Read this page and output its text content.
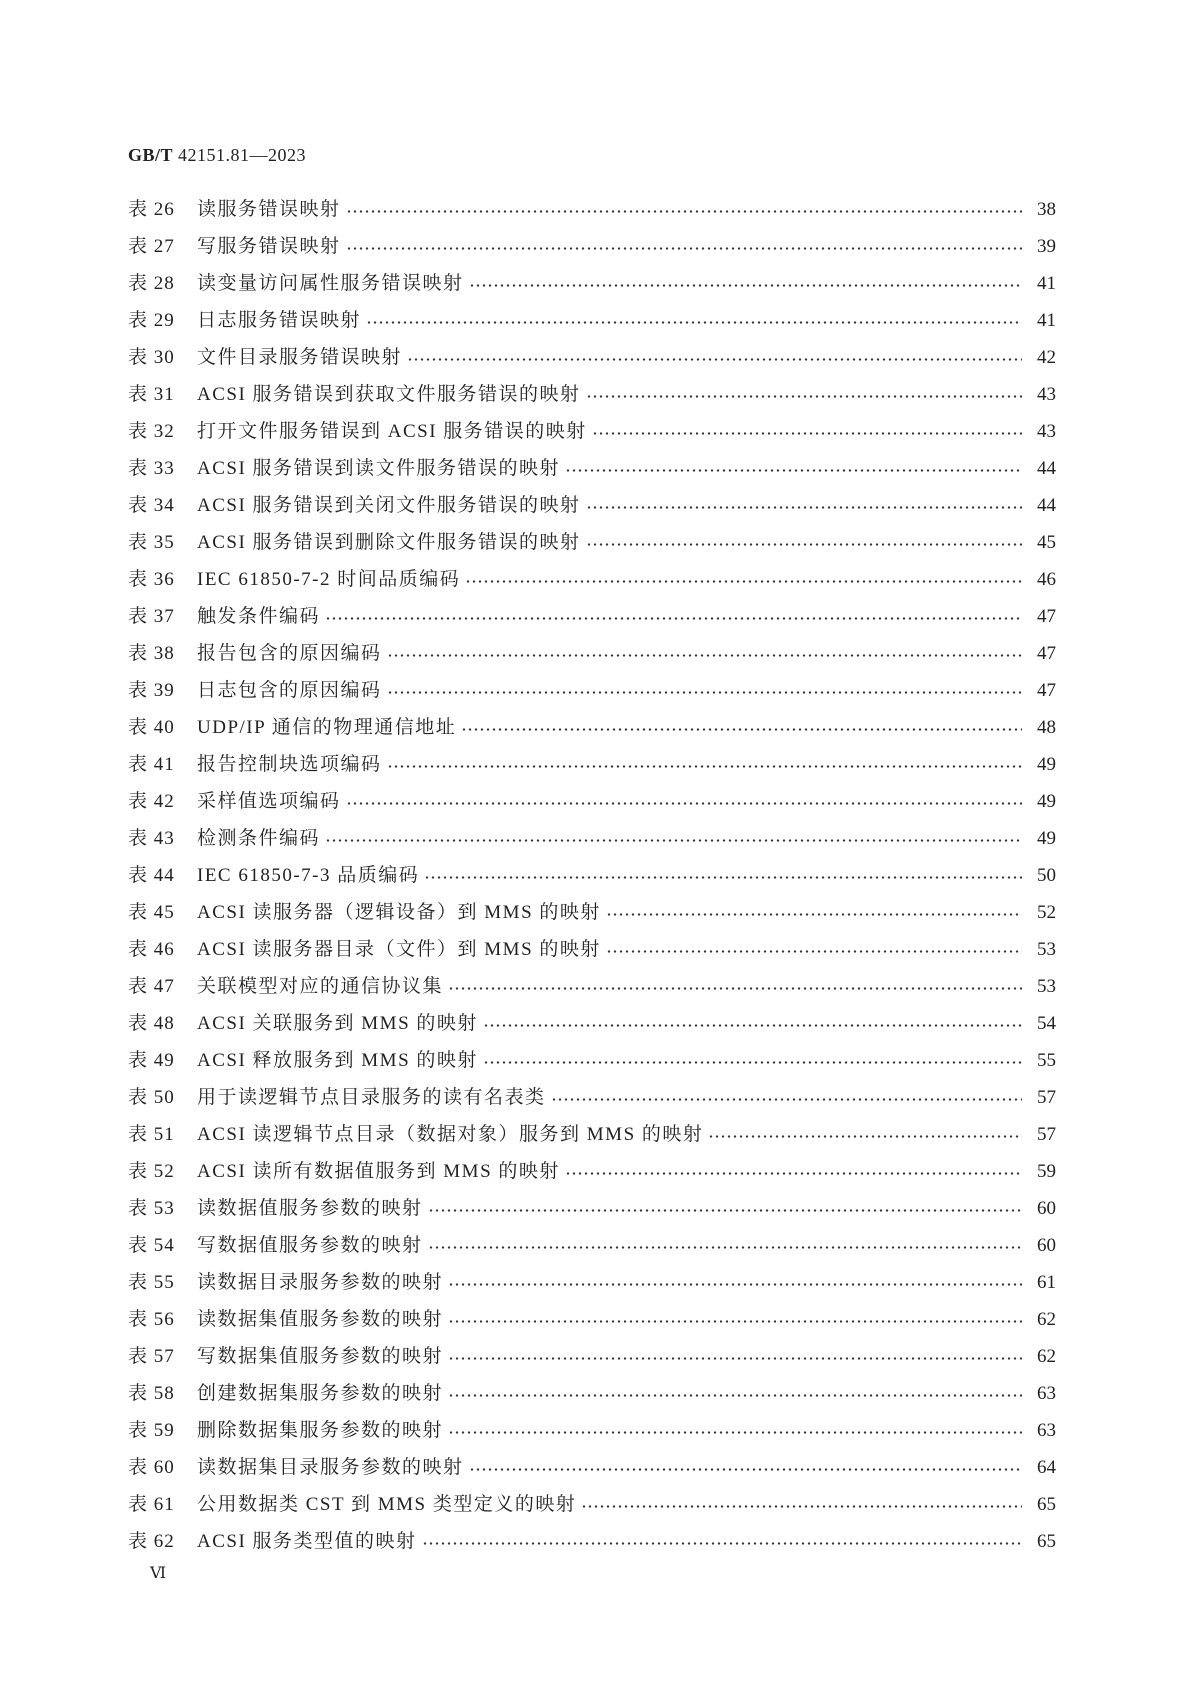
GB/T 42151.81—2023
表 26	读服务错误映射	38
表 27	写服务错误映射	39
表 28	读变量访问属性服务错误映射	41
表 29	日志服务错误映射	41
表 30	文件目录服务错误映射	42
表 31	ACSI 服务错误到获取文件服务错误的映射	43
表 32	打开文件服务错误到 ACSI 服务错误的映射	43
表 33	ACSI 服务错误到读文件服务错误的映射	44
表 34	ACSI 服务错误到关闭文件服务错误的映射	44
表 35	ACSI 服务错误到删除文件服务错误的映射	45
表 36	IEC 61850-7-2 时间品质编码	46
表 37	触发条件编码	47
表 38	报告包含的原因编码	47
表 39	日志包含的原因编码	47
表 40	UDP/IP 通信的物理通信地址	48
表 41	报告控制块选项编码	49
表 42	采样值选项编码	49
表 43	检测条件编码	49
表 44	IEC 61850-7-3 品质编码	50
表 45	ACSI 读服务器（逻辑设备）到 MMS 的映射	52
表 46	ACSI 读服务器目录（文件）到 MMS 的映射	53
表 47	关联模型对应的通信协议集	53
表 48	ACSI 关联服务到 MMS 的映射	54
表 49	ACSI 释放服务到 MMS 的映射	55
表 50	用于读逻辑节点目录服务的读有名表类	57
表 51	ACSI 读逻辑节点目录（数据对象）服务到 MMS 的映射	57
表 52	ACSI 读所有数据值服务到 MMS 的映射	59
表 53	读数据值服务参数的映射	60
表 54	写数据值服务参数的映射	60
表 55	读数据目录服务参数的映射	61
表 56	读数据集值服务参数的映射	62
表 57	写数据集值服务参数的映射	62
表 58	创建数据集服务参数的映射	63
表 59	删除数据集服务参数的映射	63
表 60	读数据集目录服务参数的映射	64
表 61	公用数据类 CST 到 MMS 类型定义的映射	65
表 62	ACSI 服务类型值的映射	65
Ⅵ
